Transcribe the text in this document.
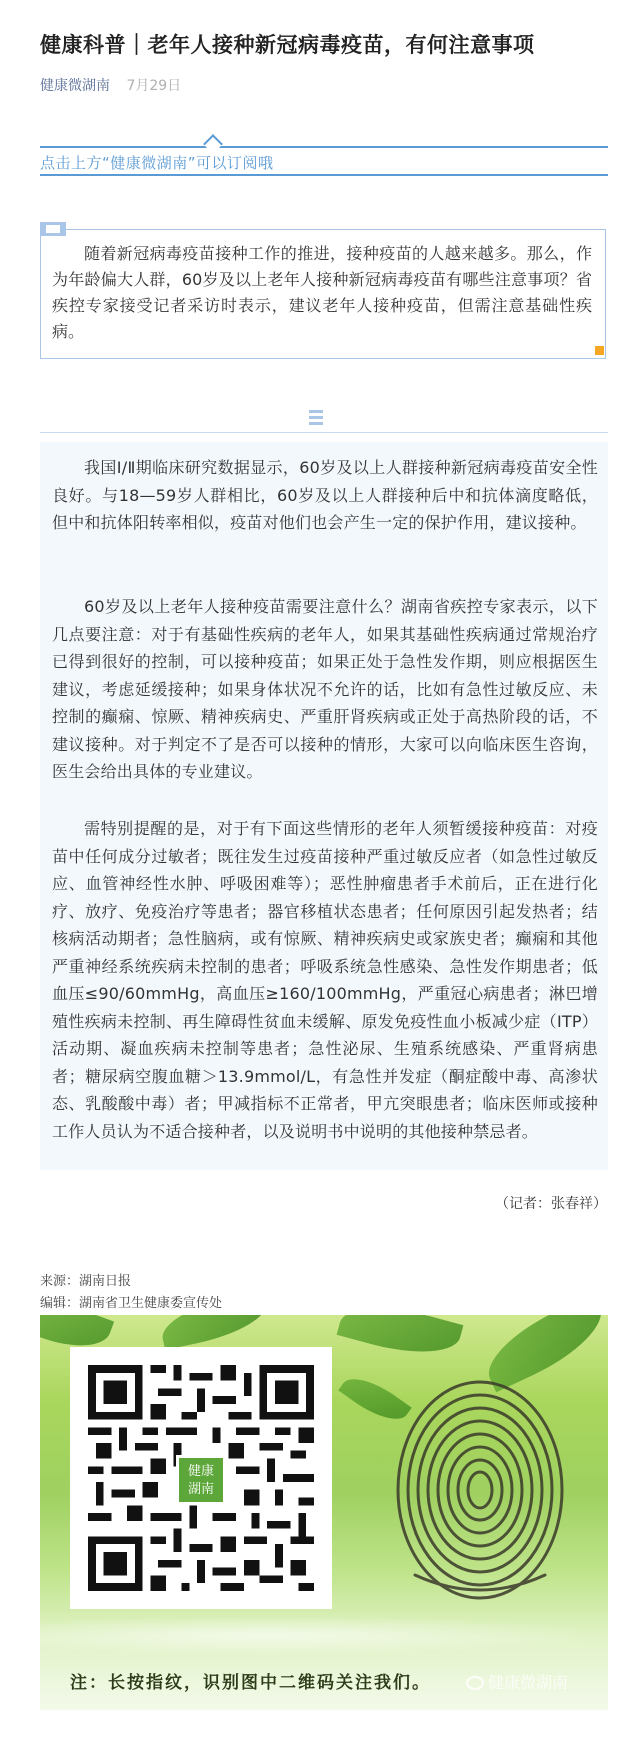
健康科普｜老年人接种新冠病毒疫苗，有何注意事项
健康微湖南 7月29日
点击上方“健康微湖南”可以订阅哦
随着新冠病毒疫苗接种工作的推进，接种疫苗的人越来越多。那么，作为年龄偏大人群，60岁及以上老年人接种新冠病毒疫苗有哪些注意事项？省疾控专家接受记者采访时表示，建议老年人接种疫苗，但需注意基础性疾病。

我国Ⅰ/Ⅱ期临床研究数据显示，60岁及以上人群接种新冠病毒疫苗安全性良好。与18—59岁人群相比，60岁及以上人群接种后中和抗体滴度略低，但中和抗体阳转率相似，疫苗对他们也会产生一定的保护作用，建议接种。

60岁及以上老年人接种疫苗需要注意什么？湖南省疾控专家表示，以下几点要注意：对于有基础性疾病的老年人，如果其基础性疾病通过常规治疗已得到很好的控制，可以接种疫苗；如果正处于急性发作期，则应根据医生建议，考虑延缓接种；如果身体状况不允许的话，比如有急性过敏反应、未控制的癫痫、惊厥、精神疾病史、严重肝肾疾病或正处于高热阶段的话，不建议接种。对于判定不了是否可以接种的情形，大家可以向临床医生咨询，医生会给出具体的专业建议。

需特别提醒的是，对于有下面这些情形的老年人须暂缓接种疫苗：对疫苗中任何成分过敏者；既往发生过疫苗接种严重过敏反应者（如急性过敏反应、血管神经性水肿、呼吸困难等）；恶性肿瘤患者手术前后，正在进行化疗、放疗、免疫治疗等患者；器官移植状态患者；任何原因引起发热者；结核病活动期者；急性脑病，或有惊厥、精神疾病史或家族史者；癫痫和其他严重神经系统疾病未控制的患者；呼吸系统急性感染、急性发作期患者；低血压≤90/60mmHg，高血压≥160/100mmHg，严重冠心病患者；淋巴增殖性疾病未控制、再生障碍性贫血未缓解、原发免疫性血小板减少症（ITP）活动期、凝血疾病未控制等患者；急性泌尿、生殖系统感染、严重肾病患者；糖尿病空腹血糖＞13.9mmol/L，有急性并发症（酮症酸中毒、高渗状态、乳酸酸中毒）者；甲减指标不正常者，甲亢突眼患者；临床医师或接种工作人员认为不适合接种者，以及说明书中说明的其他接种禁忌者。

（记者：张春祥）
来源：湖南日报
编辑：湖南省卫生健康委宣传处
健康
湖南
注：长按指纹，识别图中二维码关注我们。	健康微湖南
